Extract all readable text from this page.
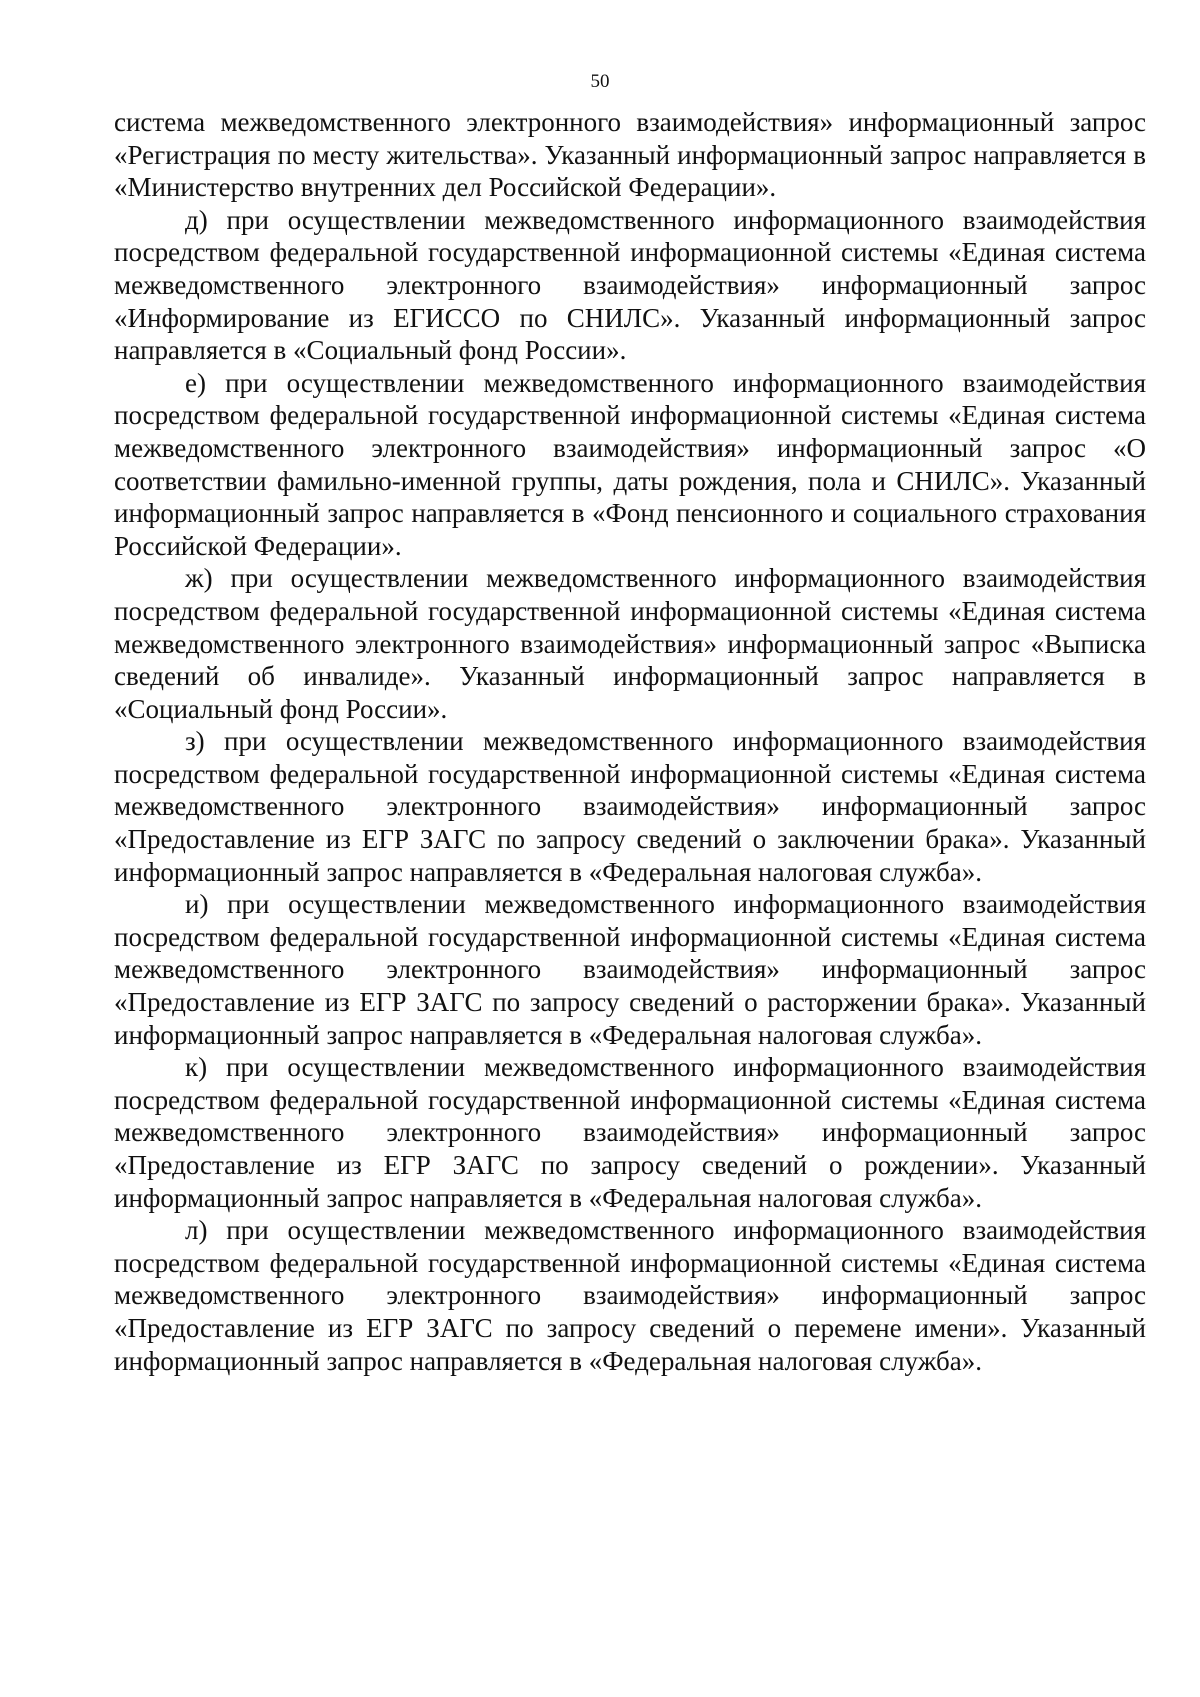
50

система межведомственного электронного взаимодействия» информационный запрос «Регистрация по месту жительства». Указанный информационный запрос направляется в «Министерство внутренних дел Российской Федерации».

д) при осуществлении межведомственного информационного взаимодействия посредством федеральной государственной информационной системы «Единая система межведомственного электронного взаимодействия» информационный запрос «Информирование из ЕГИССО по СНИЛС». Указанный информационный запрос направляется в «Социальный фонд России».

е) при осуществлении межведомственного информационного взаимодействия посредством федеральной государственной информационной системы «Единая система межведомственного электронного взаимодействия» информационный запрос «О соответствии фамильно-именной группы, даты рождения, пола и СНИЛС». Указанный информационный запрос направляется в «Фонд пенсионного и социального страхования Российской Федерации».

ж) при осуществлении межведомственного информационного взаимодействия посредством федеральной государственной информационной системы «Единая система межведомственного электронного взаимодействия» информационный запрос «Выписка сведений об инвалиде». Указанный информационный запрос направляется в «Социальный фонд России».

з) при осуществлении межведомственного информационного взаимодействия посредством федеральной государственной информационной системы «Единая система межведомственного электронного взаимодействия» информационный запрос «Предоставление из ЕГР ЗАГС по запросу сведений о заключении брака». Указанный информационный запрос направляется в «Федеральная налоговая служба».

и) при осуществлении межведомственного информационного взаимодействия посредством федеральной государственной информационной системы «Единая система межведомственного электронного взаимодействия» информационный запрос «Предоставление из ЕГР ЗАГС по запросу сведений о расторжении брака». Указанный информационный запрос направляется в «Федеральная налоговая служба».

к) при осуществлении межведомственного информационного взаимодействия посредством федеральной государственной информационной системы «Единая система межведомственного электронного взаимодействия» информационный запрос «Предоставление из ЕГР ЗАГС по запросу сведений о рождении». Указанный информационный запрос направляется в «Федеральная налоговая служба».

л) при осуществлении межведомственного информационного взаимодействия посредством федеральной государственной информационной системы «Единая система межведомственного электронного взаимодействия» информационный запрос «Предоставление из ЕГР ЗАГС по запросу сведений о перемене имени». Указанный информационный запрос направляется в «Федеральная налоговая служба».
